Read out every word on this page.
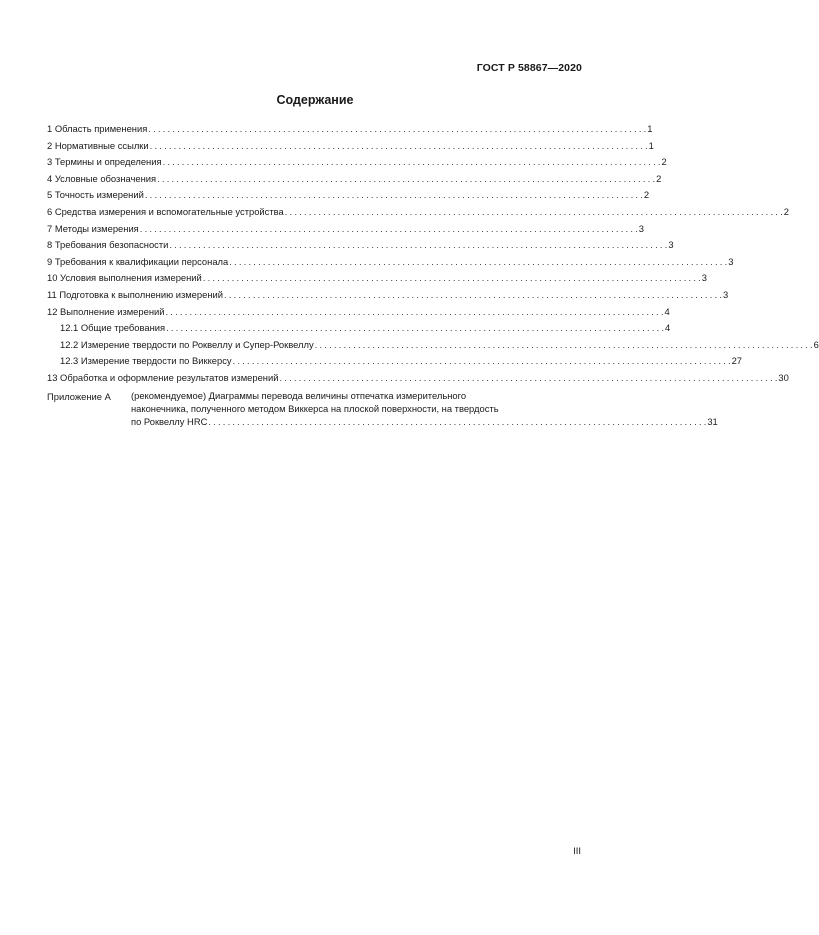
ГОСТ Р 58867—2020
Содержание
1 Область применения . . .	1
2 Нормативные ссылки . . .	1
3 Термины и определения . . .	2
4 Условные обозначения . . .	2
5 Точность измерений . . .	2
6 Средства измерения и вспомогательные устройства . . .	2
7 Методы измерения . . .	3
8 Требования безопасности . . .	3
9 Требования к квалификации персонала . . .	3
10 Условия выполнения измерений . . .	3
11 Подготовка к выполнению измерений . . .	3
12 Выполнение измерений . . .	4
12.1 Общие требования . . .	4
12.2 Измерение твердости по Роквеллу и Супер-Роквеллу . . .	6
12.3 Измерение твердости по Виккерсу . . .	27
13 Обработка и оформление результатов измерений . . .	30
Приложение А	(рекомендуемое) Диаграммы перевода величины отпечатка измерительного
наконечника, полученного методом Виккерса на плоской поверхности, на твердость
по Роквеллу HRC . . .	31
III
